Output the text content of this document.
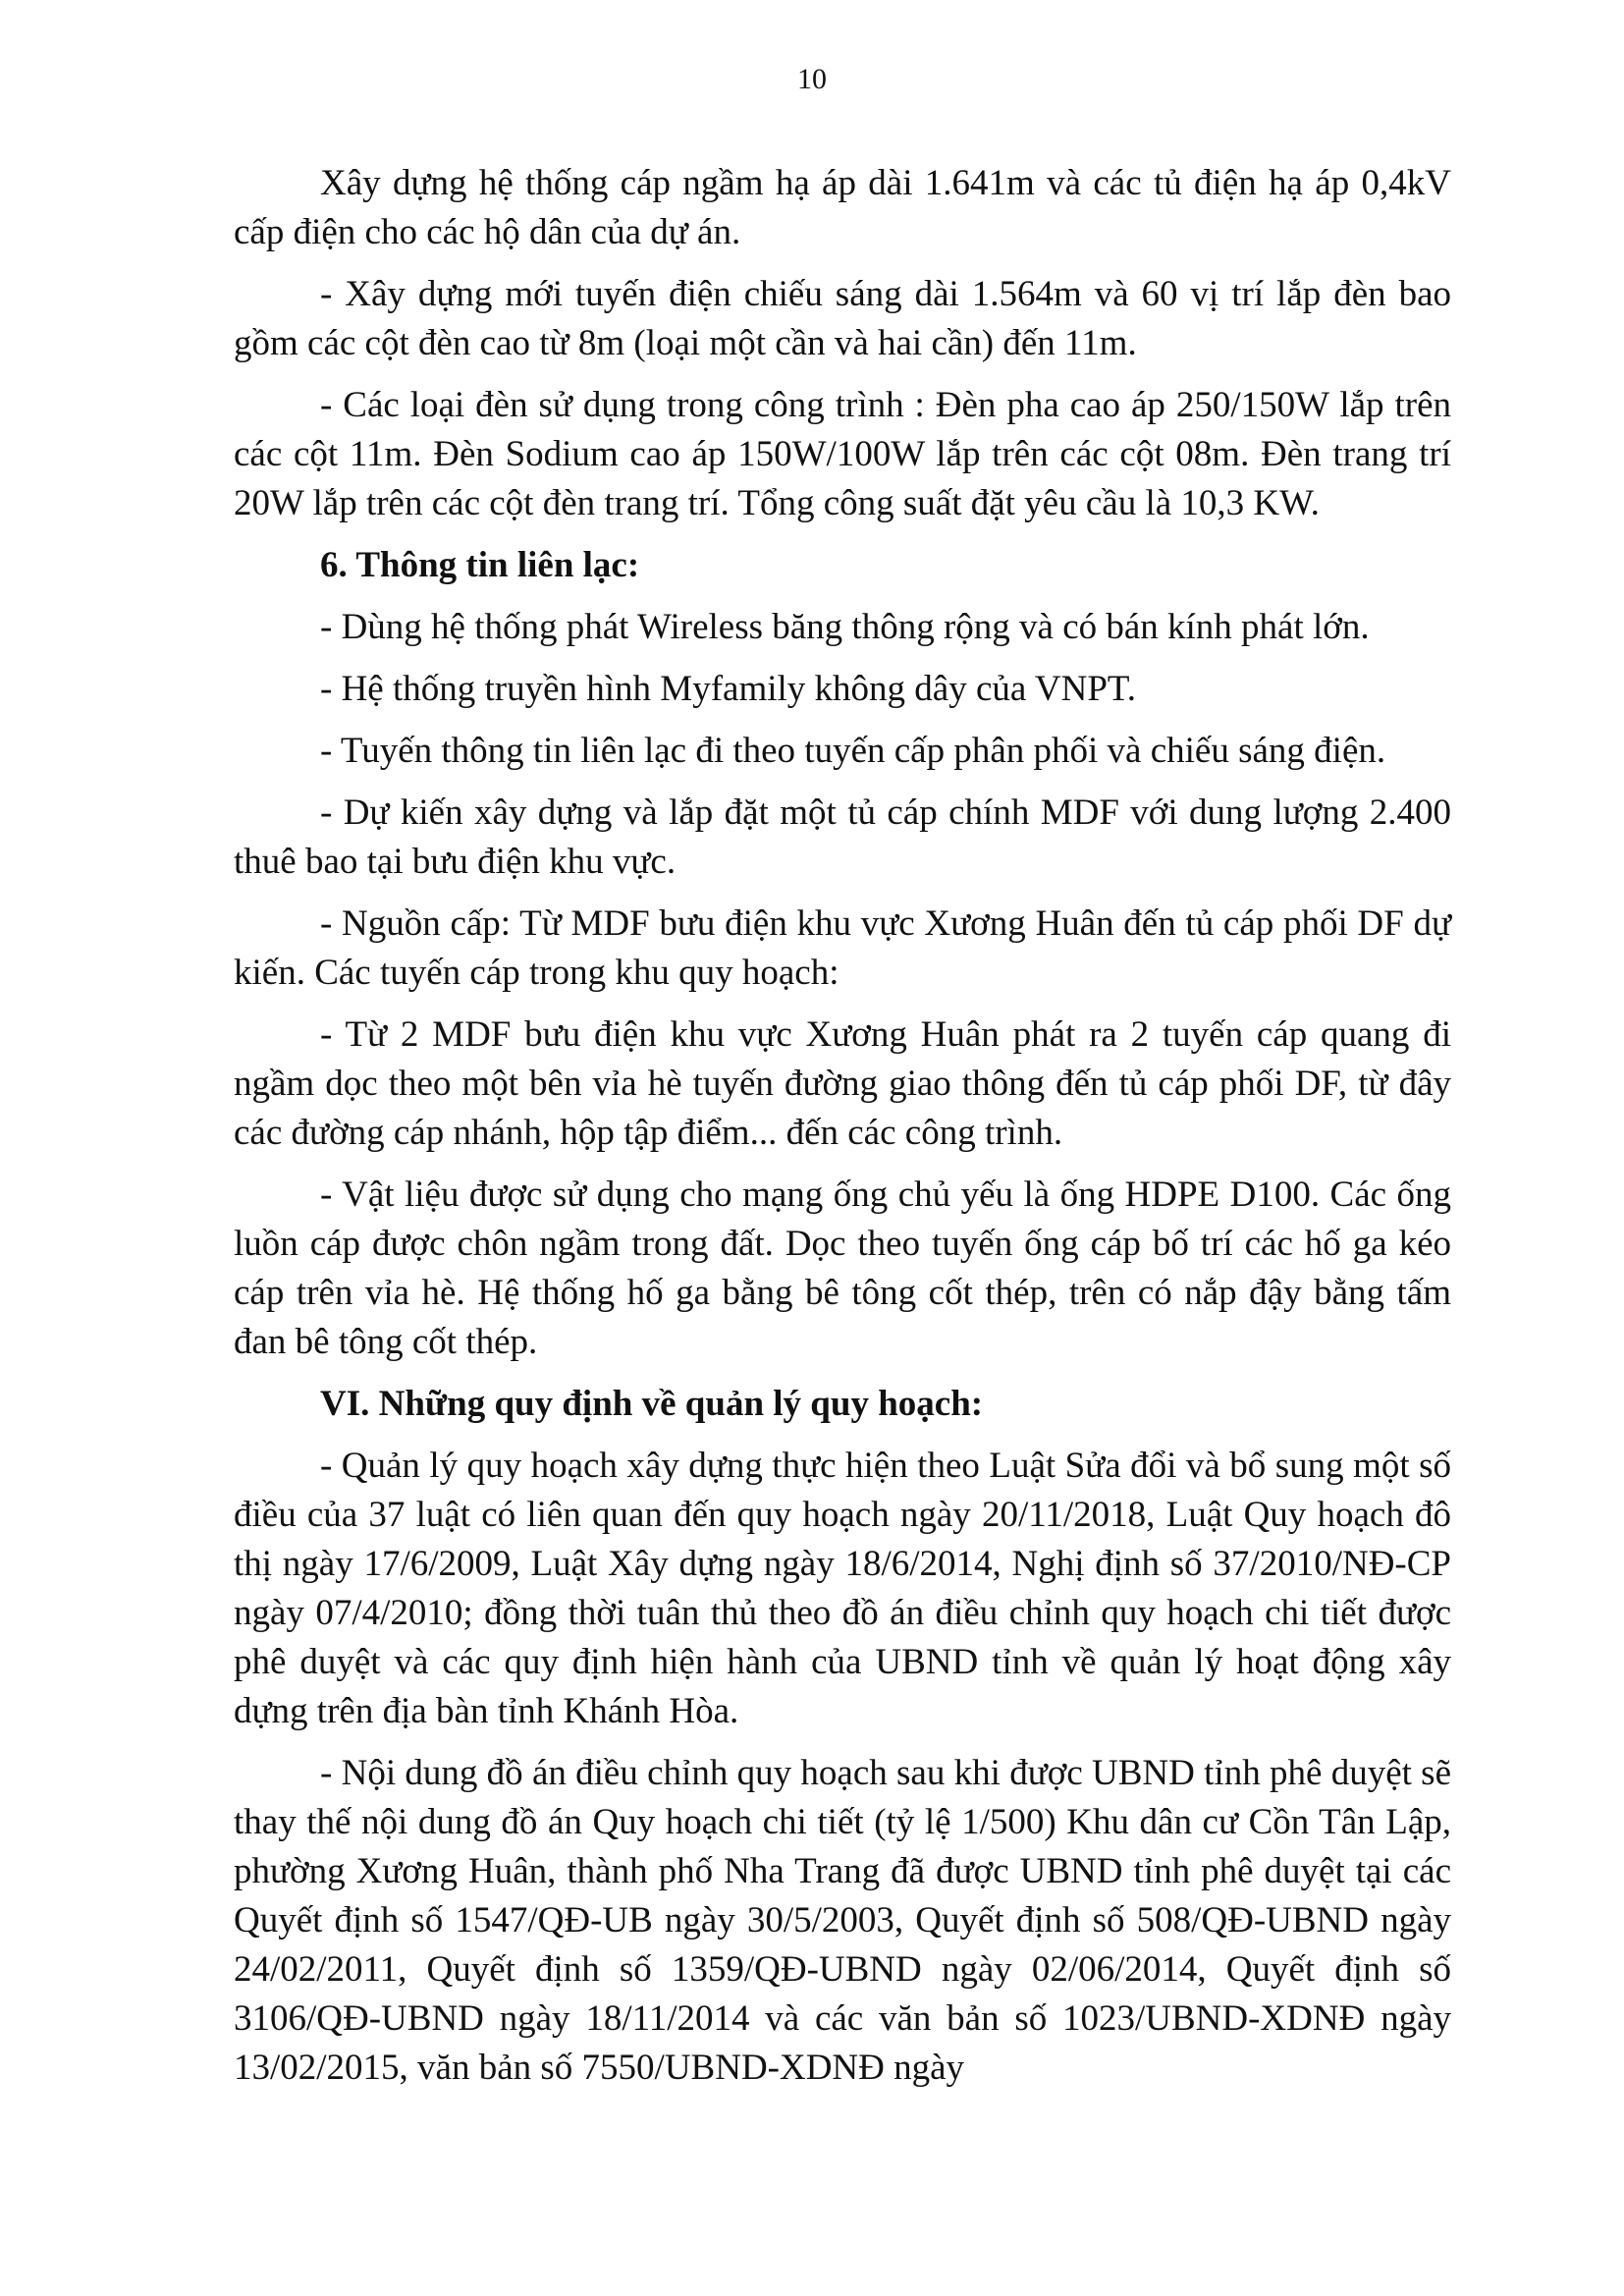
10

Xây dựng hệ thống cáp ngầm hạ áp dài 1.641m và các tủ điện hạ áp 0,4kV cấp điện cho các hộ dân của dự án.

- Xây dựng mới tuyến điện chiếu sáng dài 1.564m và 60 vị trí lắp đèn bao gồm các cột đèn cao từ 8m (loại một cần và hai cần) đến 11m.

- Các loại đèn sử dụng trong công trình : Đèn pha cao áp 250/150W lắp trên các cột 11m. Đèn Sodium cao áp 150W/100W lắp trên các cột 08m. Đèn trang trí 20W lắp trên các cột đèn trang trí. Tổng công suất đặt yêu cầu là 10,3 KW.

6. Thông tin liên lạc:

- Dùng hệ thống phát Wireless băng thông rộng và có bán kính phát lớn.

- Hệ thống truyền hình Myfamily không dây của VNPT.

- Tuyến thông tin liên lạc đi theo tuyến cấp phân phối và chiếu sáng điện.

- Dự kiến xây dựng và lắp đặt một tủ cáp chính MDF với dung lượng 2.400 thuê bao tại bưu điện khu vực.

- Nguồn cấp: Từ MDF bưu điện khu vực Xương Huân đến tủ cáp phối DF dự kiến. Các tuyến cáp trong khu quy hoạch:

- Từ 2 MDF bưu điện khu vực Xương Huân phát ra 2 tuyến cáp quang đi ngầm dọc theo một bên vỉa hè tuyến đường giao thông đến tủ cáp phối DF, từ đây các đường cáp nhánh, hộp tập điểm... đến các công trình.

- Vật liệu được sử dụng cho mạng ống chủ yếu là ống HDPE D100. Các ống luồn cáp được chôn ngầm trong đất. Dọc theo tuyến ống cáp bố trí các hố ga kéo cáp trên vỉa hè. Hệ thống hố ga bằng bê tông cốt thép, trên có nắp đậy bằng tấm đan bê tông cốt thép.

VI. Những quy định về quản lý quy hoạch:

- Quản lý quy hoạch xây dựng thực hiện theo Luật Sửa đổi và bổ sung một số điều của 37 luật có liên quan đến quy hoạch ngày 20/11/2018, Luật Quy hoạch đô thị ngày 17/6/2009, Luật Xây dựng ngày 18/6/2014, Nghị định số 37/2010/NĐ-CP ngày 07/4/2010; đồng thời tuân thủ theo đồ án điều chỉnh quy hoạch chi tiết được phê duyệt và các quy định hiện hành của UBND tỉnh về quản lý hoạt động xây dựng trên địa bàn tỉnh Khánh Hòa.

- Nội dung đồ án điều chỉnh quy hoạch sau khi được UBND tỉnh phê duyệt sẽ thay thế nội dung đồ án Quy hoạch chi tiết (tỷ lệ 1/500) Khu dân cư Cồn Tân Lập, phường Xương Huân, thành phố Nha Trang đã được UBND tỉnh phê duyệt tại các Quyết định số 1547/QĐ-UB ngày 30/5/2003, Quyết định số 508/QĐ-UBND ngày 24/02/2011, Quyết định số 1359/QĐ-UBND ngày 02/06/2014, Quyết định số 3106/QĐ-UBND ngày 18/11/2014 và các văn bản số 1023/UBND-XDNĐ ngày 13/02/2015, văn bản số 7550/UBND-XDNĐ ngày
